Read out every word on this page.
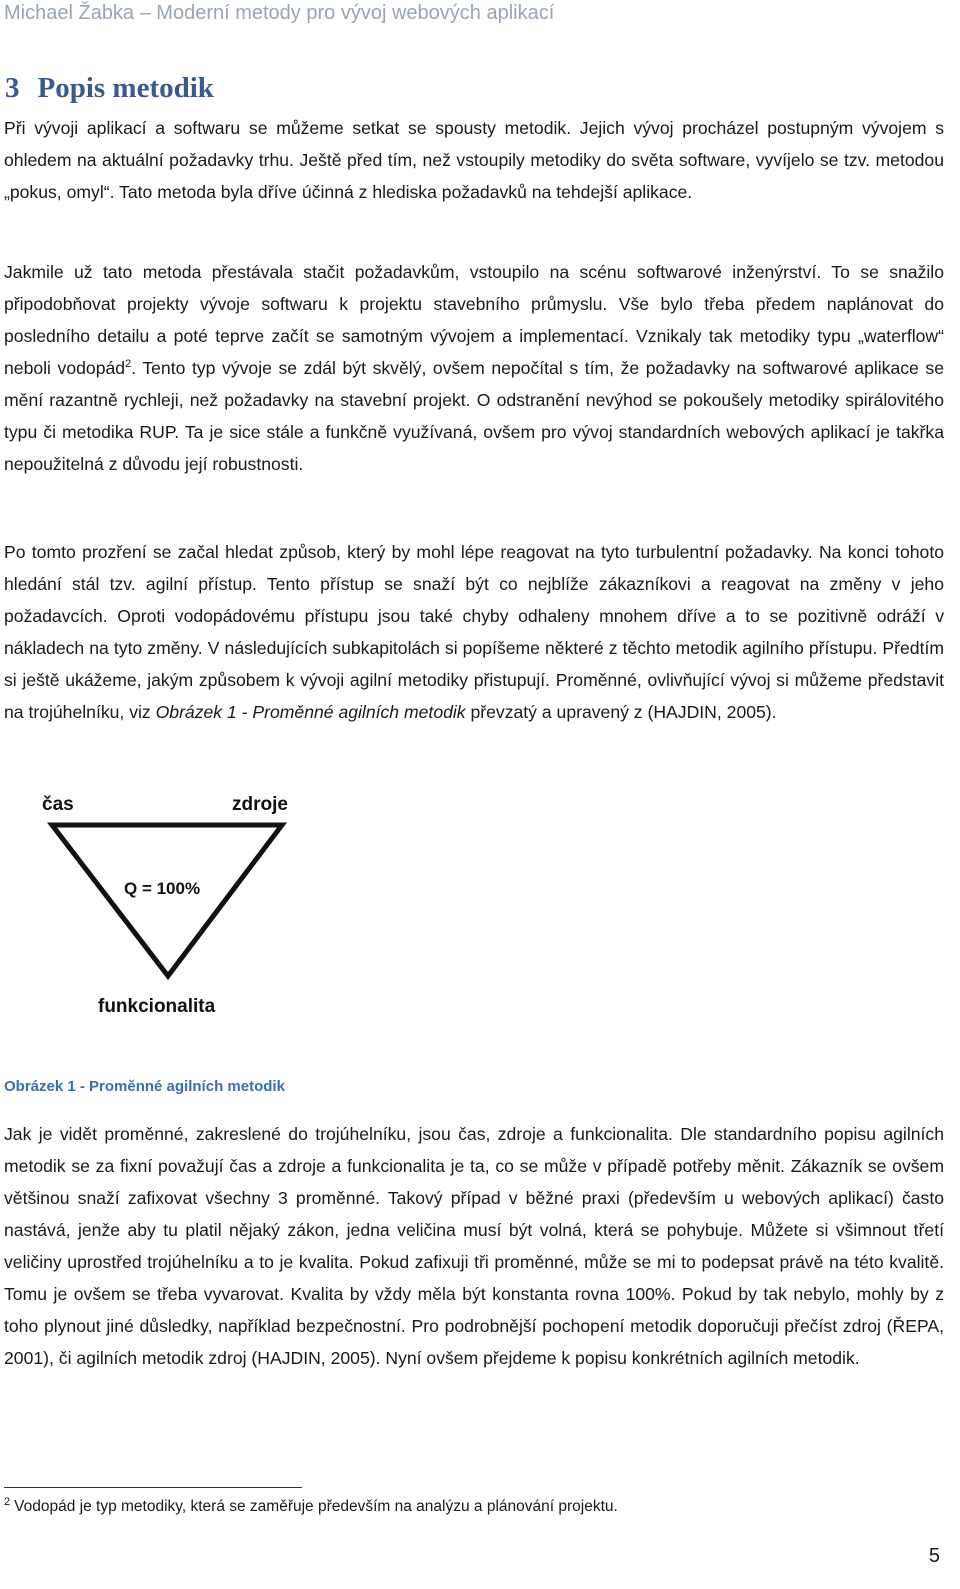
Michael Žabka – Moderní metody pro vývoj webových aplikací
3 Popis metodik

Při vývoji aplikací a softwaru se můžeme setkat se spousty metodik. Jejich vývoj procházel postupným vývojem s ohledem na aktuální požadavky trhu. Ještě před tím, než vstoupily metodiky do světa software, vyvíjelo se tzv. metodou „pokus, omyl“. Tato metoda byla dříve účinná z hlediska požadavků na tehdejší aplikace.

Jakmile už tato metoda přestávala stačit požadavkům, vstoupilo na scénu softwarové inženýrství. To se snažilo připodobňovat projekty vývoje softwaru k projektu stavebního průmyslu. Vše bylo třeba předem naplánovat do posledního detailu a poté teprve začít se samotným vývojem a implementací. Vznikaly tak metodiky typu „waterflow“ neboli vodopád$^2$. Tento typ vývoje se zdál být skvělý, ovšem nepočítal s tím, že požadavky na softwarové aplikace se mění razantně rychleji, než požadavky na stavební projekt. O odstranění nevýhod se pokoušely metodiky spirálovitého typu či metodika RUP. Ta je sice stále a funkčně využívaná, ovšem pro vývoj standardních webových aplikací je takřka nepoužitelná z důvodu její robustnosti.

Po tomto prozření se začal hledat způsob, který by mohl lépe reagovat na tyto turbulentní požadavky. Na konci tohoto hledání stál tzv. agilní přístup. Tento přístup se snaží být co nejblíže zákazníkovi a reagovat na změny v jeho požadavcích. Oproti vodopádovému přístupu jsou také chyby odhaleny mnohem dříve a to se pozitivně odráží v nákladech na tyto změny. V následujících subkapitolách si popíšeme některé z těchto metodik agilního přístupu. Předtím si ještě ukážeme, jakým způsobem k vývoji agilní metodiky přistupují. Proměnné, ovlivňující vývoj si můžeme představit na trojúhelníku, viz Obrázek 1 - Proměnné agilních metodik převzatý a upravený z (HAJDIN, 2005).

čas	zdroje
Q = 100%
funkcionalita
Obrázek 1 - Proměnné agilních metodik

Jak je vidět proměnné, zakreslené do trojúhelníku, jsou čas, zdroje a funkcionalita. Dle standardního popisu agilních metodik se za fixní považují čas a zdroje a funkcionalita je ta, co se může v případě potřeby měnit. Zákazník se ovšem většinou snaží zafixovat všechny 3 proměnné. Takový případ v běžné praxi (především u webových aplikací) často nastává, jenže aby tu platil nějaký zákon, jedna veličina musí být volná, která se pohybuje. Můžete si všimnout třetí veličiny uprostřed trojúhelníku a to je kvalita. Pokud zafixuji tři proměnné, může se mi to podepsat právě na této kvalitě. Tomu je ovšem se třeba vyvarovat. Kvalita by vždy měla být konstanta rovna 100%. Pokud by tak nebylo, mohly by z toho plynout jiné důsledky, například bezpečnostní. Pro podrobnější pochopení metodik doporučuji přečíst zdroj (ŘEPA, 2001), či agilních metodik zdroj (HAJDIN, 2005). Nyní ovšem přejdeme k popisu konkrétních agilních metodik.

$^2$ Vodopád je typ metodiky, která se zaměřuje především na analýzu a plánování projektu.
5
